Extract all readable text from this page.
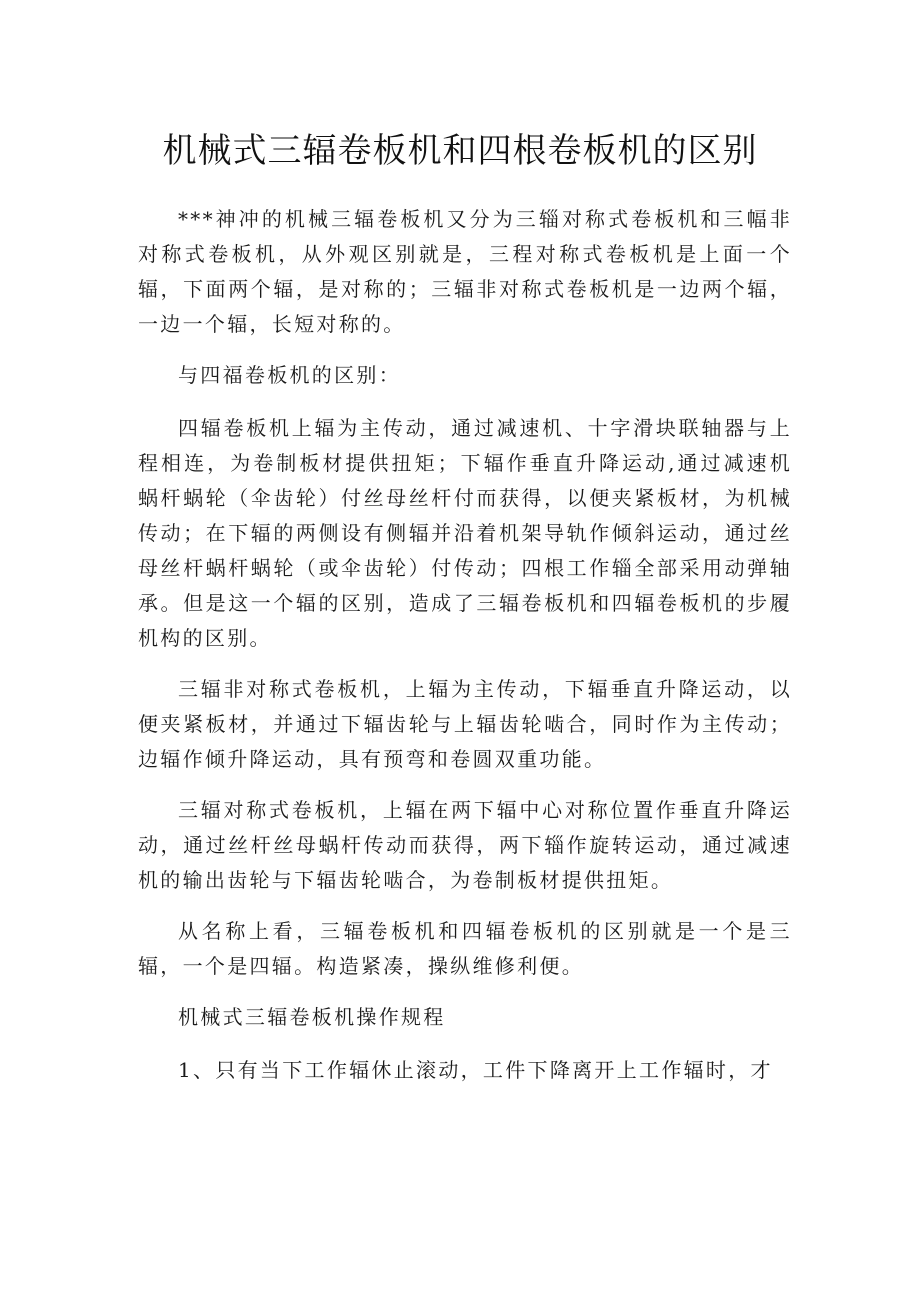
机械式三辐卷板机和四根卷板机的区别

***神冲的机械三辐卷板机又分为三辎对称式卷板机和三幅非对称式卷板机，从外观区别就是，三程对称式卷板机是上面一个辐，下面两个辐，是对称的；三辐非对称式卷板机是一边两个辐，一边一个辐，长短对称的。

与四福卷板机的区别：

四辐卷板机上辐为主传动，通过减速机、十字滑块联轴器与上程相连，为卷制板材提供扭矩；下辐作垂直升降运动,通过减速机蜗杆蜗轮（伞齿轮）付丝母丝杆付而获得，以便夹紧板材，为机械传动；在下辐的两侧设有侧辐并沿着机架导轨作倾斜运动，通过丝母丝杆蜗杆蜗轮（或伞齿轮）付传动；四根工作辎全部采用动弹轴承。但是这一个辐的区别，造成了三辐卷板机和四辐卷板机的步履机构的区别。

三辐非对称式卷板机，上辐为主传动，下辐垂直升降运动，以便夹紧板材，并通过下辐齿轮与上辐齿轮啮合，同时作为主传动；边辐作倾升降运动，具有预弯和卷圆双重功能。

三辐对称式卷板机，上辐在两下辐中心对称位置作垂直升降运动，通过丝杆丝母蜗杆传动而获得，两下辎作旋转运动，通过减速机的输出齿轮与下辐齿轮啮合，为卷制板材提供扭矩。

从名称上看，三辐卷板机和四辐卷板机的区别就是一个是三辐，一个是四辐。构造紧凑，操纵维修利便。

机械式三辐卷板机操作规程

1、只有当下工作辐休止滚动，工件下降离开上工作辐时，才
